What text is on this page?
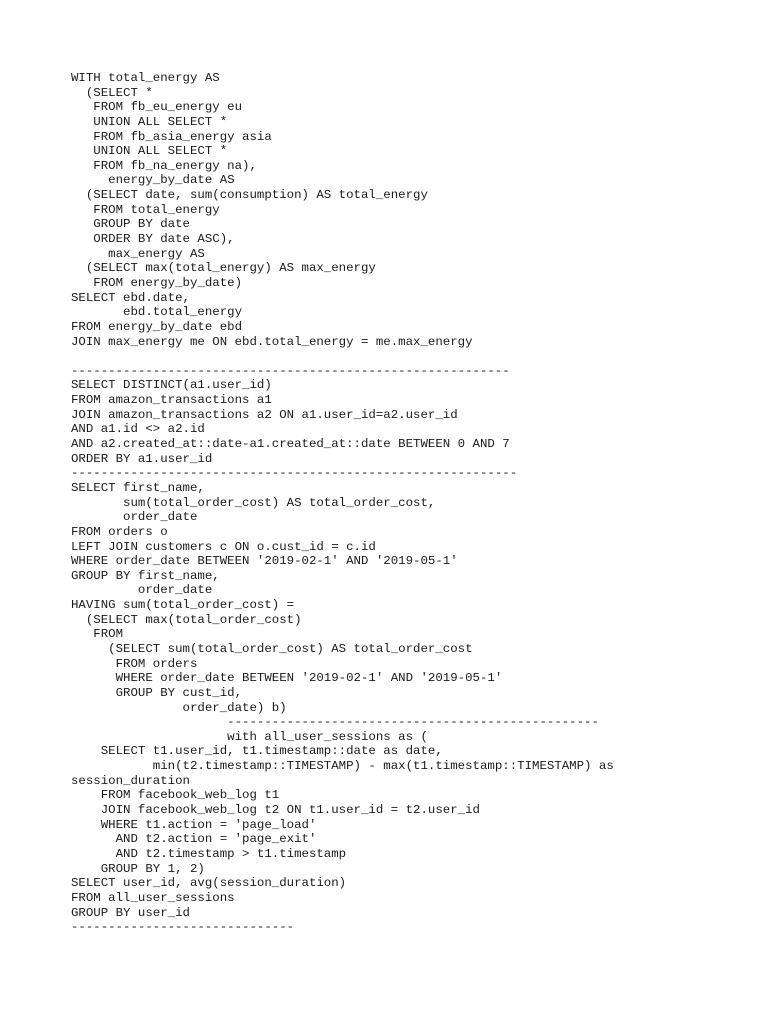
WITH total_energy AS
(SELECT *
FROM fb_eu_energy eu
UNION ALL SELECT *
FROM fb_asia_energy asia
UNION ALL SELECT *
FROM fb_na_energy na),
energy_by_date AS
(SELECT date, sum(consumption) AS total_energy
FROM total_energy
GROUP BY date
ORDER BY date ASC),
max_energy AS
(SELECT max(total_energy) AS max_energy
FROM energy_by_date)
SELECT ebd.date,
ebd.total_energy
FROM energy_by_date ebd
JOIN max_energy me ON ebd.total_energy = me.max_energy
-----------------------------------------------------------
SELECT DISTINCT(a1.user_id)
FROM amazon_transactions a1
JOIN amazon_transactions a2 ON a1.user_id=a2.user_id
AND a1.id <> a2.id
AND a2.created_at::date-a1.created_at::date BETWEEN 0 AND 7
ORDER BY a1.user_id
------------------------------------------------------------
SELECT first_name,
sum(total_order_cost) AS total_order_cost,
order_date
FROM orders o
LEFT JOIN customers c ON o.cust_id = c.id
WHERE order_date BETWEEN '2019-02-1' AND '2019-05-1'
GROUP BY first_name,
order_date
HAVING sum(total_order_cost) =
(SELECT max(total_order_cost)
FROM
(SELECT sum(total_order_cost) AS total_order_cost
FROM orders
WHERE order_date BETWEEN '2019-02-1' AND '2019-05-1'
GROUP BY cust_id,
order_date) b)
--------------------------------------------------
with all_user_sessions as (
SELECT t1.user_id, t1.timestamp::date as date,
min(t2.timestamp::TIMESTAMP) - max(t1.timestamp::TIMESTAMP) as
session_duration
FROM facebook_web_log t1
JOIN facebook_web_log t2 ON t1.user_id = t2.user_id
WHERE t1.action = 'page_load'
AND t2.action = 'page_exit'
AND t2.timestamp > t1.timestamp
GROUP BY 1, 2)
SELECT user_id, avg(session_duration)
FROM all_user_sessions
GROUP BY user_id
------------------------------
